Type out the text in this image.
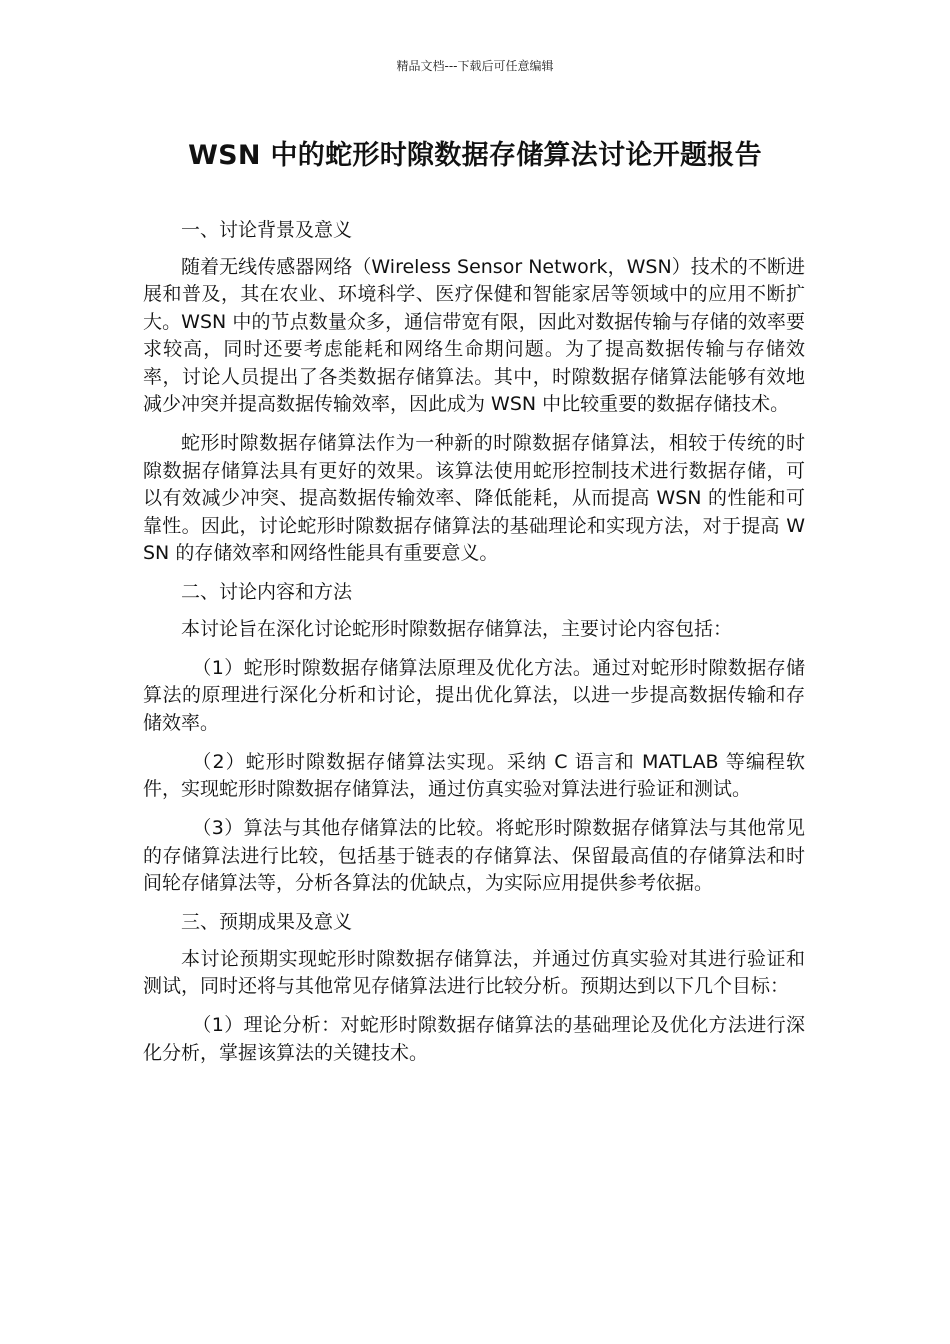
精品文档---下载后可任意编辑
WSN 中的蛇形时隙数据存储算法讨论开题报告

一、讨论背景及意义

随着无线传感器网络（Wireless Sensor Network，WSN）技术的不断进展和普及，其在农业、环境科学、医疗保健和智能家居等领域中的应用不断扩大。WSN 中的节点数量众多，通信带宽有限，因此对数据传输与存储的效率要求较高，同时还要考虑能耗和网络生命期问题。为了提高数据传输与存储效率，讨论人员提出了各类数据存储算法。其中，时隙数据存储算法能够有效地减少冲突并提高数据传输效率，因此成为 WSN 中比较重要的数据存储技术。

蛇形时隙数据存储算法作为一种新的时隙数据存储算法，相较于传统的时隙数据存储算法具有更好的效果。该算法使用蛇形控制技术进行数据存储，可以有效减少冲突、提高数据传输效率、降低能耗，从而提高 WSN 的性能和可靠性。因此，讨论蛇形时隙数据存储算法的基础理论和实现方法，对于提高 WSN 的存储效率和网络性能具有重要意义。

二、讨论内容和方法

本讨论旨在深化讨论蛇形时隙数据存储算法，主要讨论内容包括：

（1）蛇形时隙数据存储算法原理及优化方法。通过对蛇形时隙数据存储算法的原理进行深化分析和讨论，提出优化算法，以进一步提高数据传输和存储效率。

（2）蛇形时隙数据存储算法实现。采纳 C 语言和 MATLAB 等编程软件，实现蛇形时隙数据存储算法，通过仿真实验对算法进行验证和测试。

（3）算法与其他存储算法的比较。将蛇形时隙数据存储算法与其他常见的存储算法进行比较，包括基于链表的存储算法、保留最高值的存储算法和时间轮存储算法等，分析各算法的优缺点，为实际应用提供参考依据。

三、预期成果及意义

本讨论预期实现蛇形时隙数据存储算法，并通过仿真实验对其进行验证和测试，同时还将与其他常见存储算法进行比较分析。预期达到以下几个目标：

（1）理论分析：对蛇形时隙数据存储算法的基础理论及优化方法进行深化分析，掌握该算法的关键技术。
